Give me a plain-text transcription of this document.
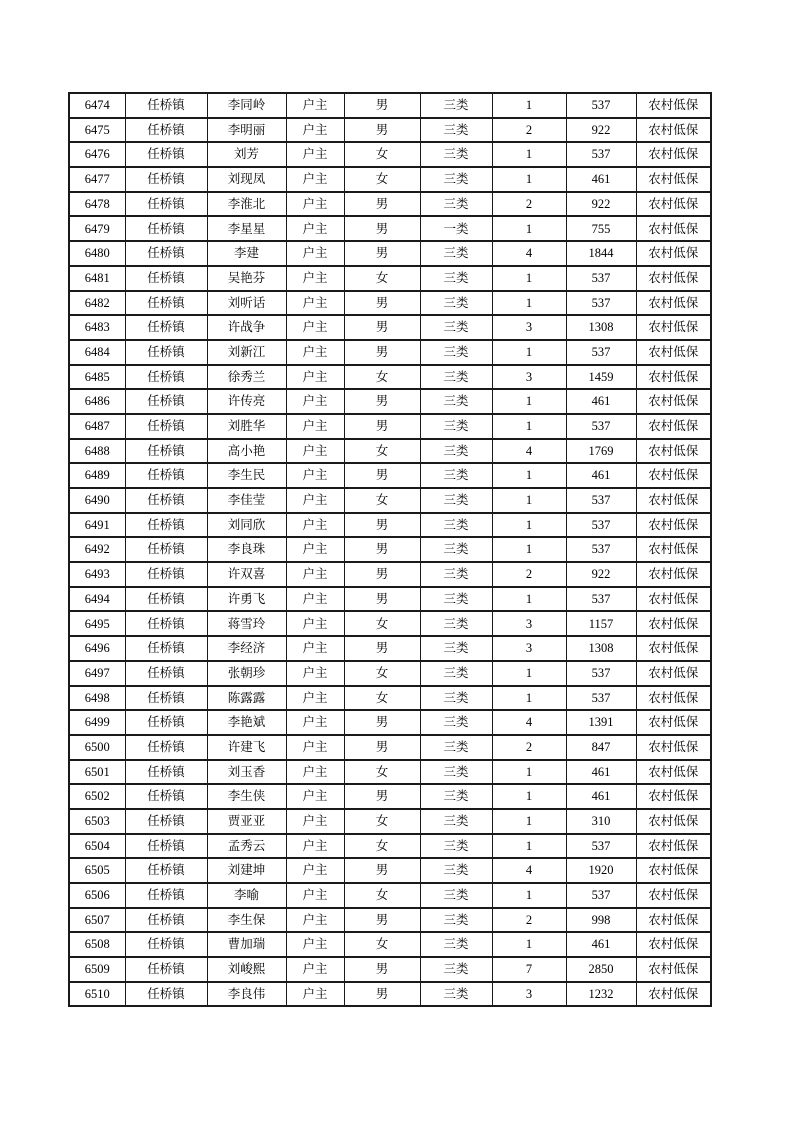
6474	任桥镇	李同岭	户主	男	三类	1	537	农村低保
6475	任桥镇	李明丽	户主	男	三类	2	922	农村低保
6476	任桥镇	刘芳	户主	女	三类	1	537	农村低保
6477	任桥镇	刘现凤	户主	女	三类	1	461	农村低保
6478	任桥镇	李淮北	户主	男	三类	2	922	农村低保
6479	任桥镇	李星星	户主	男	一类	1	755	农村低保
6480	任桥镇	李建	户主	男	三类	4	1844	农村低保
6481	任桥镇	吴艳芬	户主	女	三类	1	537	农村低保
6482	任桥镇	刘听话	户主	男	三类	1	537	农村低保
6483	任桥镇	许战争	户主	男	三类	3	1308	农村低保
6484	任桥镇	刘新江	户主	男	三类	1	537	农村低保
6485	任桥镇	徐秀兰	户主	女	三类	3	1459	农村低保
6486	任桥镇	许传亮	户主	男	三类	1	461	农村低保
6487	任桥镇	刘胜华	户主	男	三类	1	537	农村低保
6488	任桥镇	高小艳	户主	女	三类	4	1769	农村低保
6489	任桥镇	李生民	户主	男	三类	1	461	农村低保
6490	任桥镇	李佳莹	户主	女	三类	1	537	农村低保
6491	任桥镇	刘同欣	户主	男	三类	1	537	农村低保
6492	任桥镇	李良珠	户主	男	三类	1	537	农村低保
6493	任桥镇	许双喜	户主	男	三类	2	922	农村低保
6494	任桥镇	许勇飞	户主	男	三类	1	537	农村低保
6495	任桥镇	蒋雪玲	户主	女	三类	3	1157	农村低保
6496	任桥镇	李经济	户主	男	三类	3	1308	农村低保
6497	任桥镇	张朝珍	户主	女	三类	1	537	农村低保
6498	任桥镇	陈露露	户主	女	三类	1	537	农村低保
6499	任桥镇	李艳斌	户主	男	三类	4	1391	农村低保
6500	任桥镇	许建飞	户主	男	三类	2	847	农村低保
6501	任桥镇	刘玉香	户主	女	三类	1	461	农村低保
6502	任桥镇	李生侠	户主	男	三类	1	461	农村低保
6503	任桥镇	贾亚亚	户主	女	三类	1	310	农村低保
6504	任桥镇	孟秀云	户主	女	三类	1	537	农村低保
6505	任桥镇	刘建坤	户主	男	三类	4	1920	农村低保
6506	任桥镇	李喻	户主	女	三类	1	537	农村低保
6507	任桥镇	李生保	户主	男	三类	2	998	农村低保
6508	任桥镇	曹加瑞	户主	女	三类	1	461	农村低保
6509	任桥镇	刘峻熙	户主	男	三类	7	2850	农村低保
6510	任桥镇	李良伟	户主	男	三类	3	1232	农村低保
